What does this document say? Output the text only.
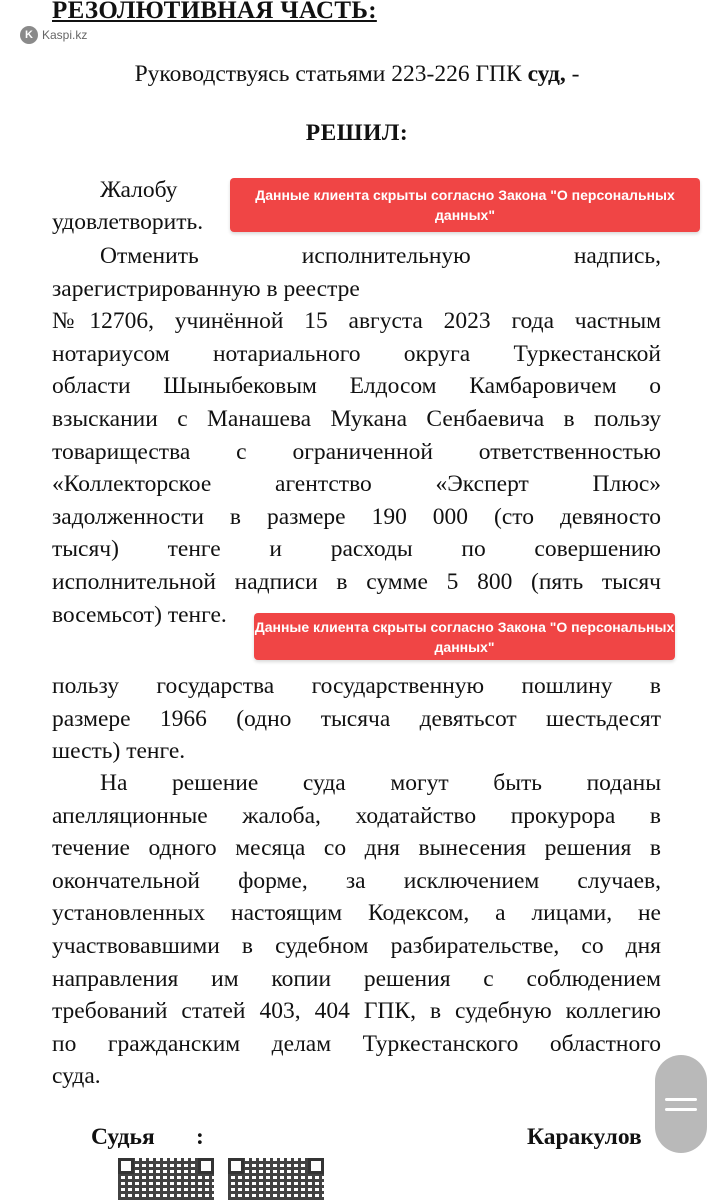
РЕЗОЛЮТИВНАЯ ЧАСТЬ:
K Kaspi.kz
Руководствуясь статьями 223-226 ГПК суд, -
РЕШИЛ:
Жалобу
удовлетворить.
Данные клиента скрыты согласно Закона "О персональных данных"
Отменить исполнительную надпись,
зарегистрированную в реестре
№12706, учинённой 15 августа 2023 года частным
нотариусом нотариального округа Туркестанской
области Шыныбековым Елдосом Камбаровичем о
взыскании с Манашева Мукана Сенбаевича в пользу
товарищества с ограниченной ответственностью
«Коллекторское агентство «Эксперт Плюс»
задолженности в размере 190 000 (сто девяносто
тысяч) тенге и расходы по совершению
исполнительной надписи в сумме 5 800 (пять тысяч
восемьсот) тенге. Данные клиента скрыты согласно Закона "О персональных данных"
пользу государства государственную пошлину в
размере 1966 (одно тысяча девятьсот шестьдесят
шесть) тенге.
На решение суда могут быть поданы
апелляционные жалоба, ходатайство прокурора в
течение одного месяца со дня вынесения решения в
окончательной форме, за исключением случаев,
установленных настоящим Кодексом, а лицами, не
участвовавшими в судебном разбирательстве, со дня
направления им копии решения с соблюдением
требований статей 403, 404 ГПК, в судебную коллегию
по гражданским делам Туркестанского областного
суда.
Судья :	Каракулов
